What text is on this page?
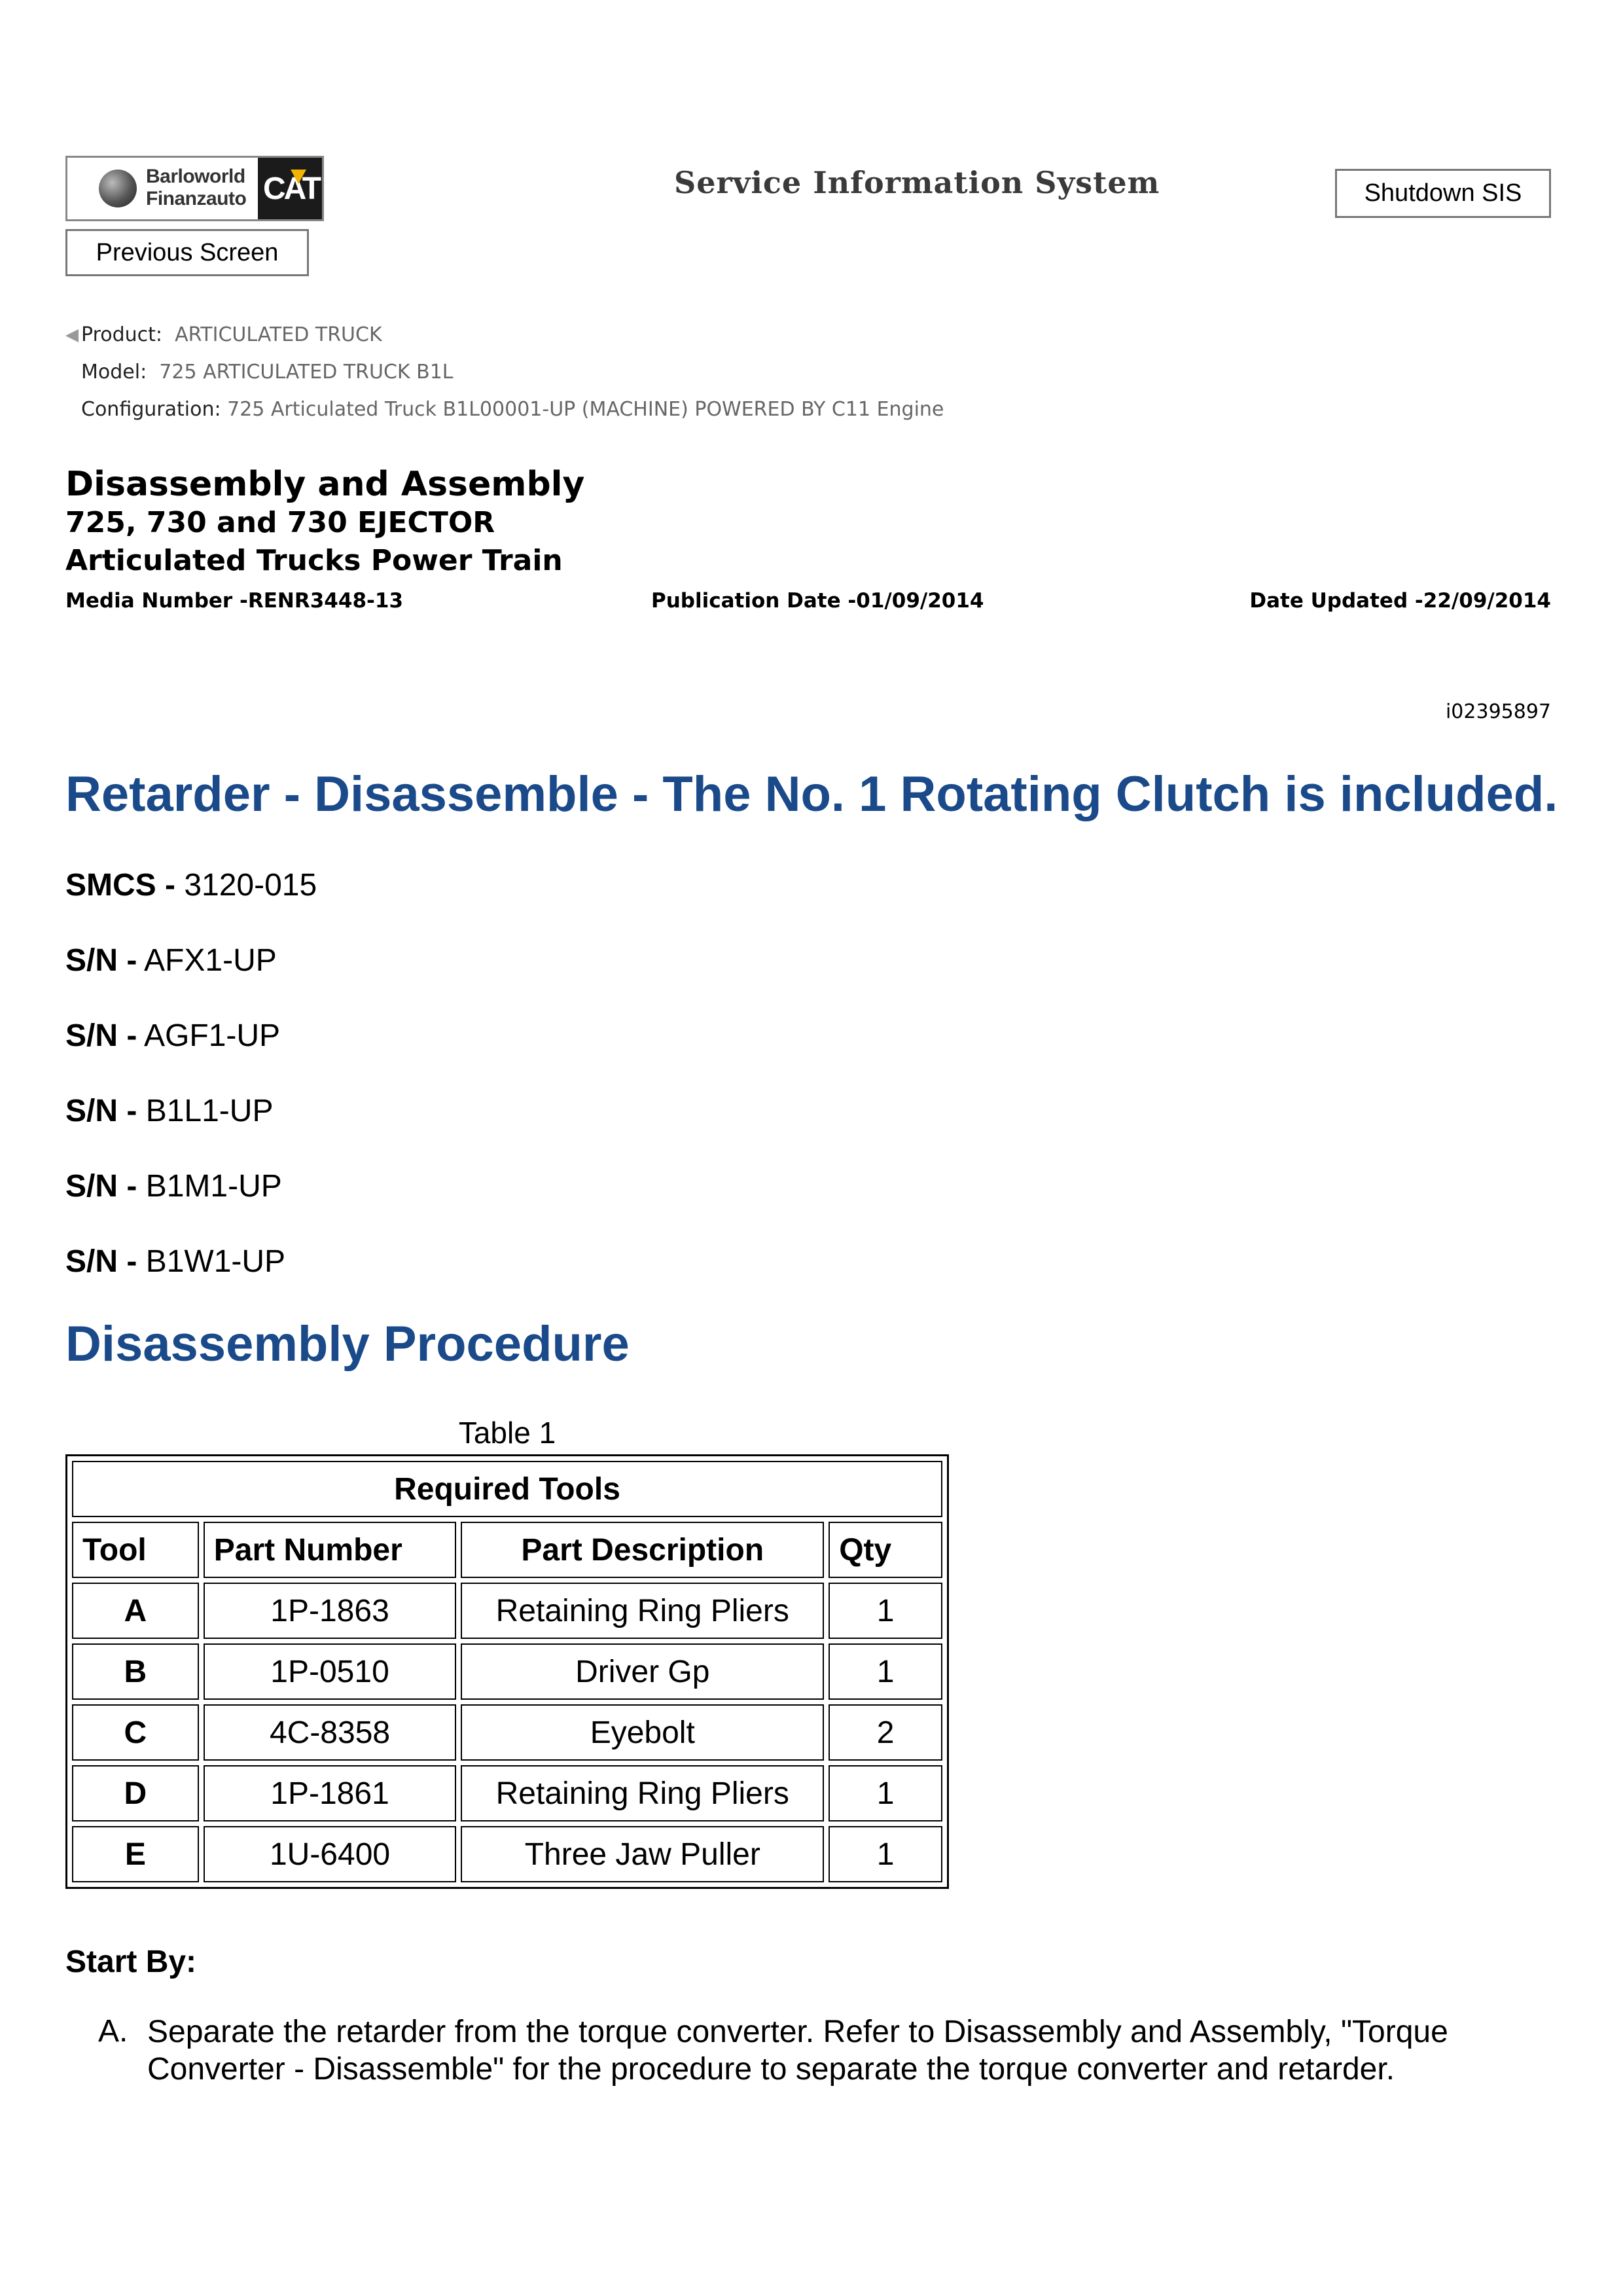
Barloworld
Finanzauto CAT	Service Information System	Shutdown SIS
Previous Screen
Product: ARTICULATED TRUCK
Model: 725 ARTICULATED TRUCK B1L
Configuration: 725 Articulated Truck B1L00001-UP (MACHINE) POWERED BY C11 Engine
Disassembly and Assembly
725, 730 and 730 EJECTOR
Articulated Trucks Power Train
Media Number -RENR3448-13	Publication Date -01/09/2014	Date Updated -22/09/2014
i02395897
Retarder - Disassemble - The No. 1 Rotating Clutch is included.
SMCS - 3120-015
S/N - AFX1-UP
S/N - AGF1-UP
S/N - B1L1-UP
S/N - B1M1-UP
S/N - B1W1-UP
Disassembly Procedure
Table 1
Required Tools			
Tool	Part Number	Part Description	Qty
A	1P-1863	Retaining Ring Pliers	1
B	1P-0510	Driver Gp	1
C	4C-8358	Eyebolt	2
D	1P-1861	Retaining Ring Pliers	1
E	1U-6400	Three Jaw Puller	1
Start By:
A. Separate the retarder from the torque converter. Refer to Disassembly and Assembly, "Torque Converter - Disassemble" for the procedure to separate the torque converter and retarder.
